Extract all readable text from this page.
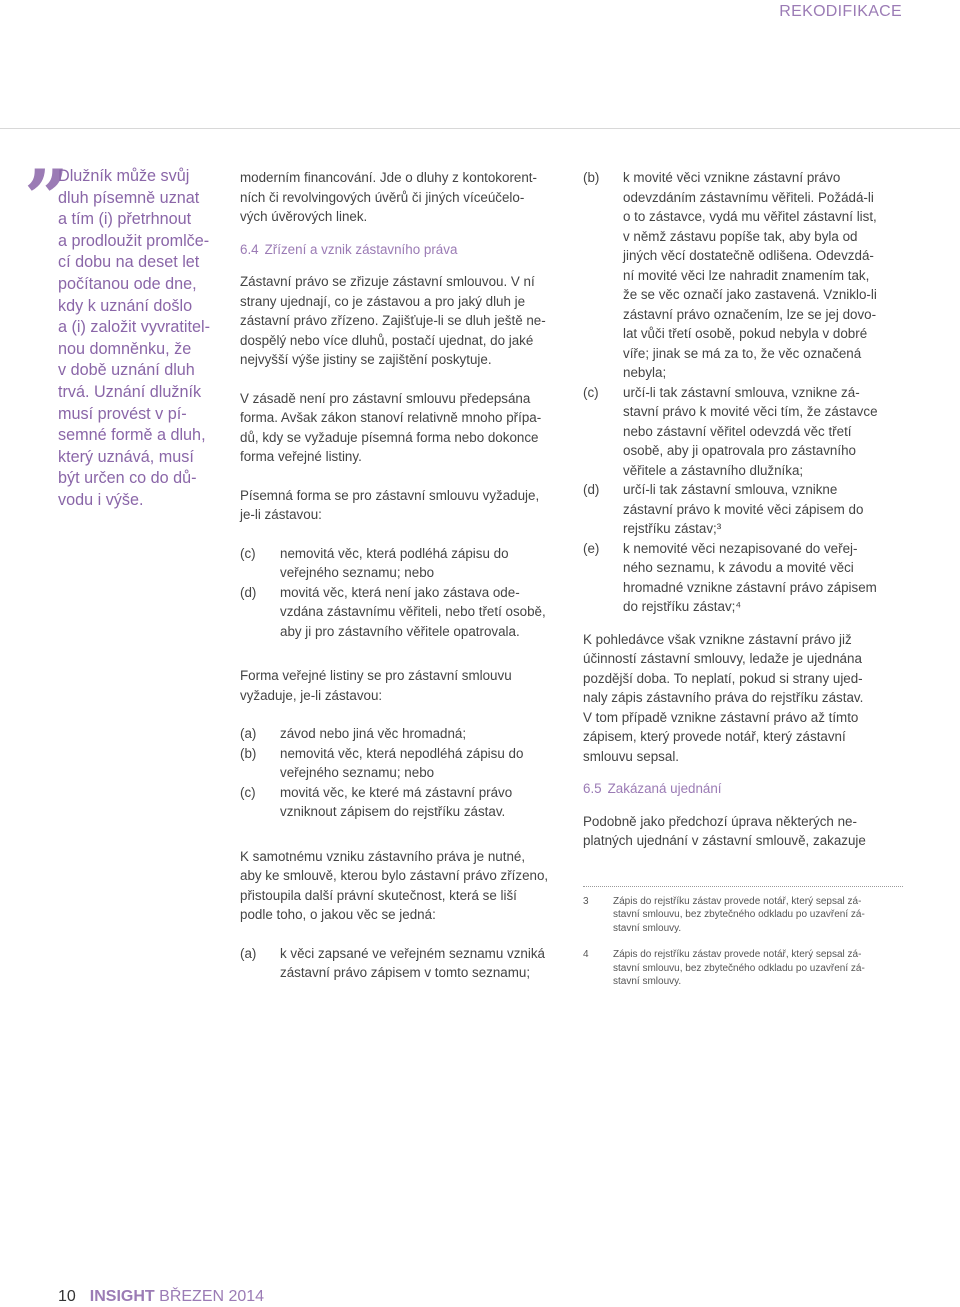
REKODIFIKACE
”
Dlužník může svůj
dluh písemně uznat
a tím (i) přetrhnout
a prodloužit promlče-
cí dobu na deset let
počítanou ode dne,
kdy k uznání došlo
a (i) založit vyvratitel-
nou domněnku, že
v době uznání dluh
trvá. Uznání dlužník
musí provést v pí-
semné formě a dluh,
který uznává, musí
být určen co do dů-
vodu i výše.

moderním financování. Jde o dluhy z kontokorent-
ních či revolvingových úvěrů či jiných víceúčelo-
vých úvěrových linek.

6.4 Zřízení a vznik zástavního práva

Zástavní právo se zřizuje zástavní smlouvou. V ní
strany ujednají, co je zástavou a pro jaký dluh je
zástavní právo zřízeno. Zajišťuje-li se dluh ještě ne-
dospělý nebo více dluhů, postačí ujednat, do jaké
nejvyšší výše jistiny se zajištění poskytuje.

V zásadě není pro zástavní smlouvu předepsána
forma. Avšak zákon stanoví relativně mnoho přípa-
dů, kdy se vyžaduje písemná forma nebo dokonce
forma veřejné listiny.

Písemná forma se pro zástavní smlouvu vyžaduje,
je-li zástavou:

(c) nemovitá věc, která podléhá zápisu do
veřejného seznamu; nebo
(d) movitá věc, která není jako zástava ode-
vzdána zástavnímu věřiteli, nebo třetí osobě,
aby ji pro zástavního věřitele opatrovala.

Forma veřejné listiny se pro zástavní smlouvu
vyžaduje, je-li zástavou:

(a) závod nebo jiná věc hromadná;
(b) nemovitá věc, která nepodléhá zápisu do
veřejného seznamu; nebo
(c) movitá věc, ke které má zástavní právo
vzniknout zápisem do rejstříku zástav.

K samotnému vzniku zástavního práva je nutné,
aby ke smlouvě, kterou bylo zástavní právo zřízeno,
přistoupila další právní skutečnost, která se liší
podle toho, o jakou věc se jedná:

(a) k věci zapsané ve veřejném seznamu vzniká
zástavní právo zápisem v tomto seznamu;
(b) k movité věci vznikne zástavní právo
odevzdáním zástavnímu věřiteli. Požádá-li
o to zástavce, vydá mu věřitel zástavní list,
v němž zástavu popíše tak, aby byla od
jiných věcí dostatečně odlišena. Odevzdá-
ní movité věci lze nahradit znamením tak,
že se věc označí jako zastavená. Vzniklo-li
zástavní právo označením, lze se jej dovo-
lat vůči třetí osobě, pokud nebyla v dobré
víře; jinak se má za to, že věc označená
nebyla;
(c) určí-li tak zástavní smlouva, vznikne zá-
stavní právo k movité věci tím, že zástavce
nebo zástavní věřitel odevzdá věc třetí
osobě, aby ji opatrovala pro zástavního
věřitele a zástavního dlužníka;
(d) určí-li tak zástavní smlouva, vznikne
zástavní právo k movité věci zápisem do
rejstříku zástav;³
(e) k nemovité věci nezapisované do veřej-
ného seznamu, k závodu a movité věci
hromadné vznikne zástavní právo zápisem
do rejstříku zástav;⁴

K pohledávce však vznikne zástavní právo již
účinností zástavní smlouvy, ledaže je ujednána
pozdější doba. To neplatí, pokud si strany ujed-
naly zápis zástavního práva do rejstříku zástav.
V tom případě vznikne zástavní právo až tímto
zápisem, který provede notář, který zástavní
smlouvu sepsal.

6.5 Zakázaná ujednání

Podobně jako předchozí úprava některých ne-
platných ujednání v zástavní smlouvě, zakazuje

3 Zápis do rejstříku zástav provede notář, který sepsal zá-
stavní smlouvu, bez zbytečného odkladu po uzavření zá-
stavní smlouvy.
4 Zápis do rejstříku zástav provede notář, který sepsal zá-
stavní smlouvu, bez zbytečného odkladu po uzavření zá-
stavní smlouvy.
10 INSIGHT BŘEZEN 2014
